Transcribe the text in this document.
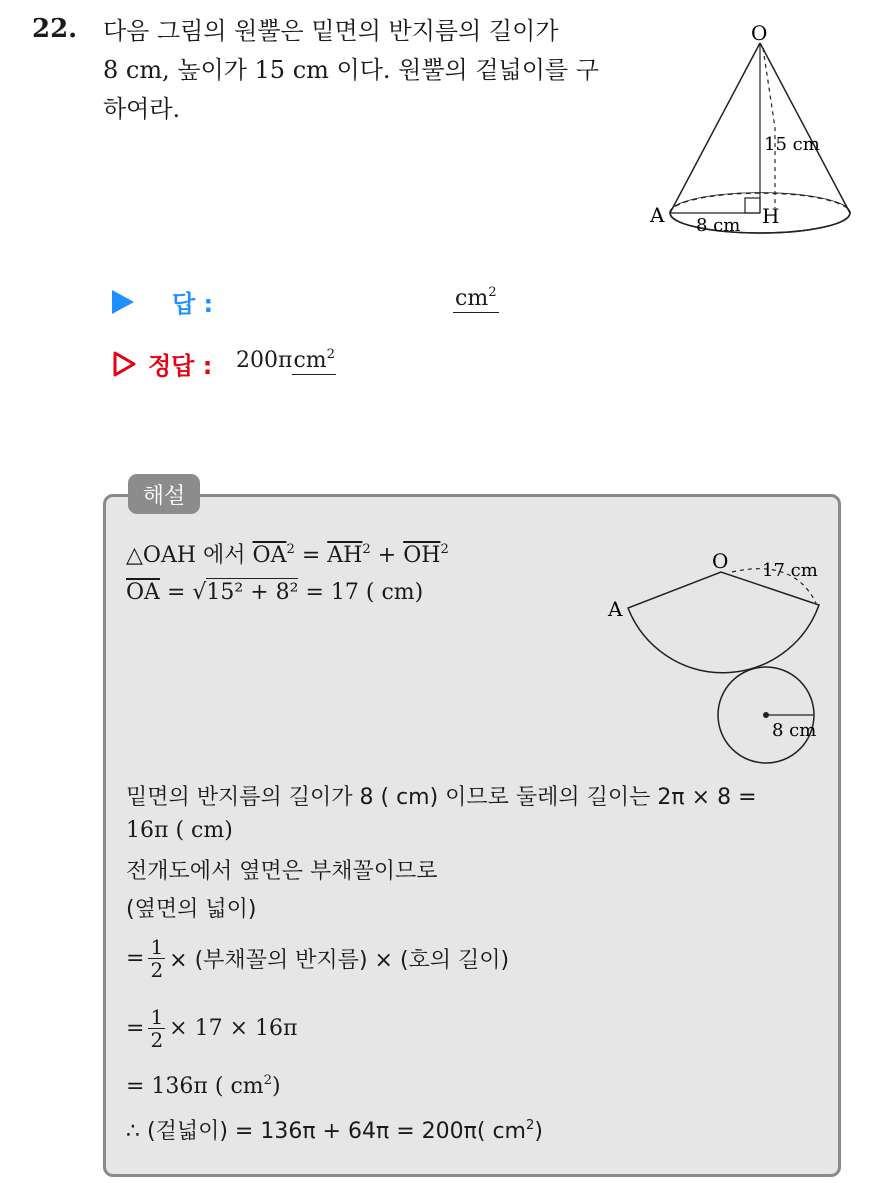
22. 다음 그림의 원뿔은 밑면의 반지름의 길이가
8 cm, 높이가 15 cm 이다. 원뿔의 겉넓이를 구
하여라.
O
A	H
15 cm
8 cm
답 :	$cm^2$
정답 : 200πcm$^2$
해설
△OAH 에서 $\overline{OA}^2 = \overline{AH}^2 + \overline{OH}^2$
$\overline{OA} = √15^2 + 8^2 = 17$ ( cm)
O
A
17 cm
8 cm
밑면의 반지름의 길이가 8 ( cm) 이므로 둘레의 길이는 2π × 8 =
16π ( cm)
전개도에서 옆면은 부채꼴이므로
(옆면의 넓이)
= $\frac{1}{2}$ × (부채꼴의 반지름) × (호의 길이)
= $\frac{1}{2} \times 17 \times 16\pi$
= 136π ( $cm^2$)
∴ (겉넓이) = 136π + 64π = 200π( $cm^2$)
